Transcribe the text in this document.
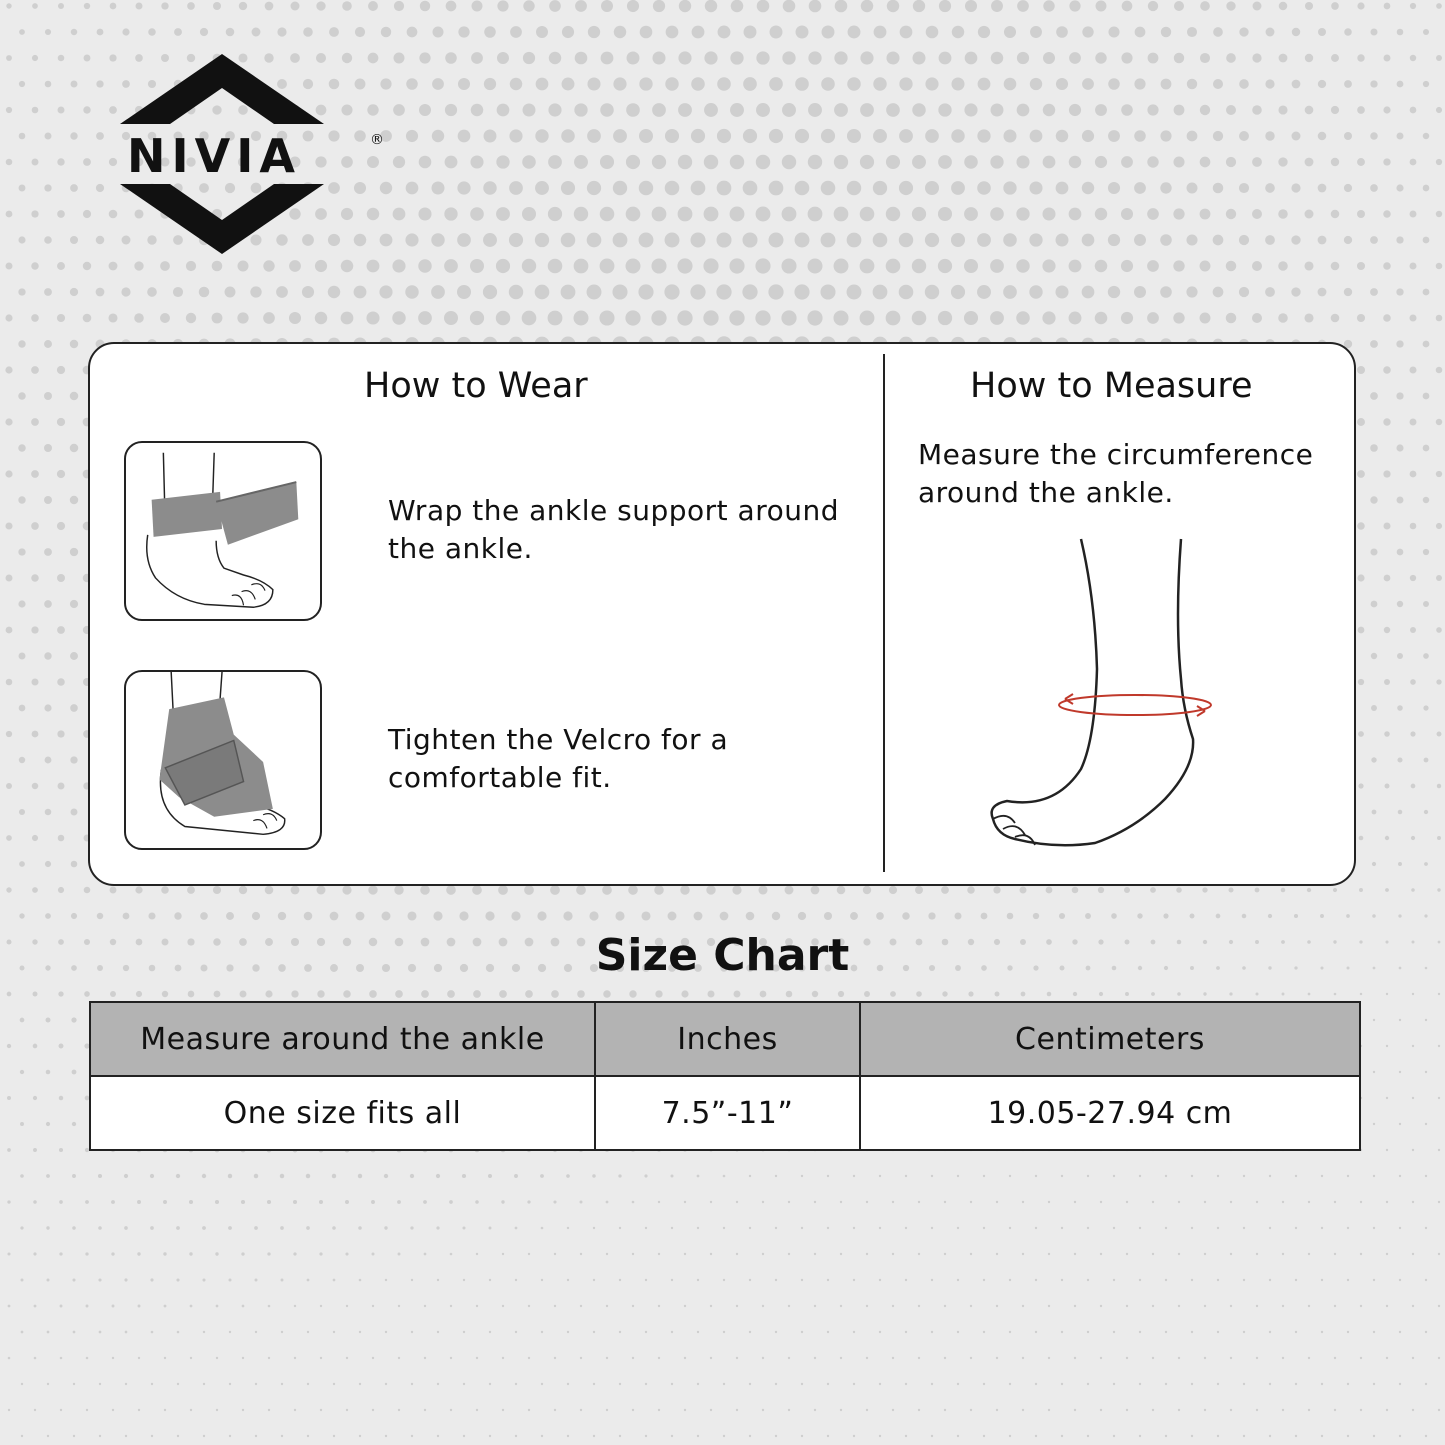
NIVIA	®
How to Wear	How to Measure

Wrap the ankle support around the ankle.

Tighten the Velcro for a comfortable fit.

Measure the circumference around the ankle.

Size Chart
Measure around the ankle	Inches	Centimeters
One size fits all	7.5”-11”	19.05-27.94 cm
